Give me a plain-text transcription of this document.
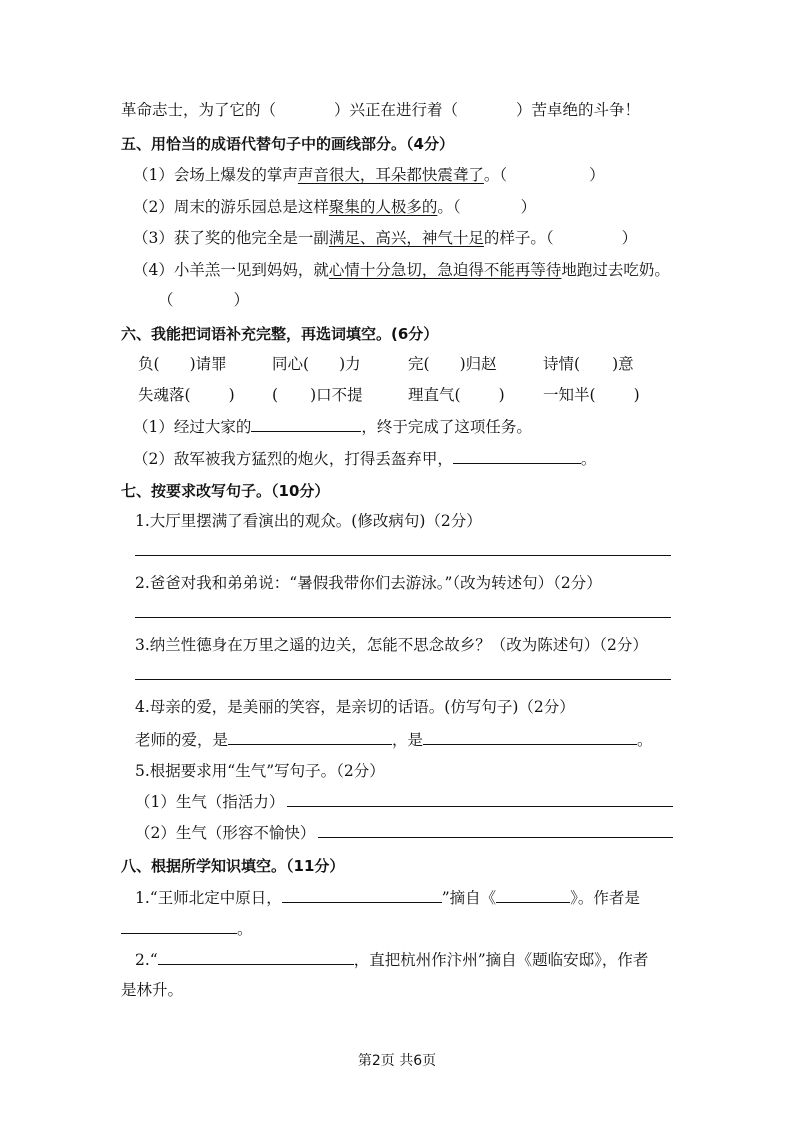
革命志士，为了它的（	）兴正在进行着（	）苦卓绝的斗争！
五、用恰当的成语代替句子中的画线部分。（4分）
（1）会场上爆发的掌声声音很大，耳朵都快震聋了。（	）
（2）周末的游乐园总是这样聚集的人极多的。（	）
（3）获了奖的他完全是一副满足、高兴，神气十足的样子。（	）
（4）小羊羔一见到妈妈，就心情十分急切，急迫得不能再等待地跑过去吃奶。
（	）
六、我能把词语补充完整，再选词填空。(6分）
负( )请罪	同心( )力	完( )归赵	诗情( )意
失魂落( ) ( )口不提	理直气( ) 一知半( )
（1）经过大家的	，终于完成了这项任务。
（2）敌军被我方猛烈的炮火，打得丢盔弃甲，	。
七、按要求改写句子。（10分）
1.大厅里摆满了看演出的观众。(修改病句)（2分）
2.爸爸对我和弟弟说：“暑假我带你们去游泳。”（改为转述句）（2分）
3.纳兰性德身在万里之遥的边关，怎能不思念故乡？（改为陈述句）（2分）
4.母亲的爱，是美丽的笑容，是亲切的话语。(仿写句子)（2分）
老师的爱，是	，是	。
5.根据要求用“生气”写句子。（2分）
（1）生气（指活力）
（2）生气（形容不愉快）
八、根据所学知识填空。（11分）
1.“王师北定中原日，	”摘自《	》。作者是
。
2.“	，直把杭州作汴州”摘自《题临安邸》，作者
是林升。
第2页 共6页
